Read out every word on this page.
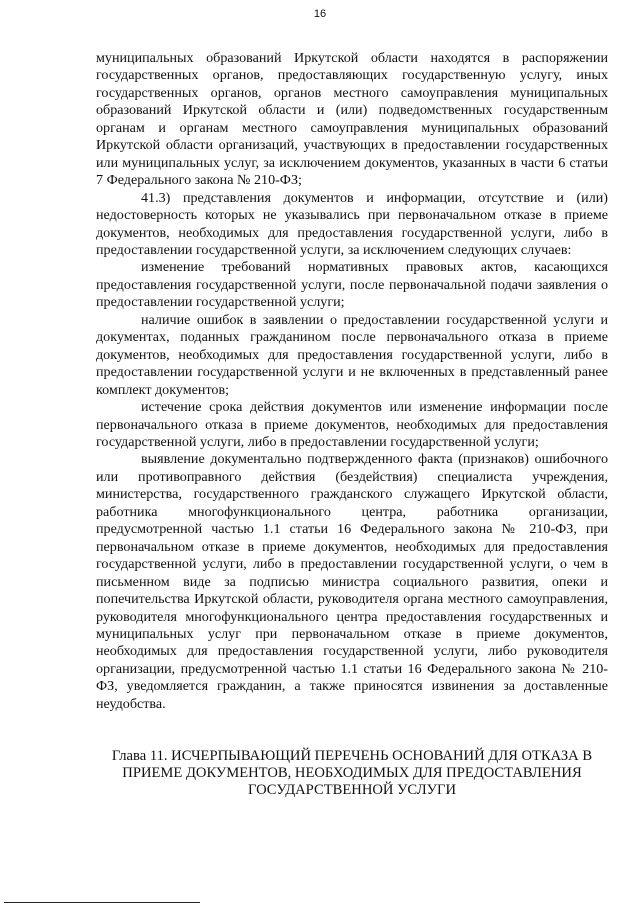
16

муниципальных образований Иркутской области находятся в распоряжении государственных органов, предоставляющих государственную услугу, иных государственных органов, органов местного самоуправления муниципальных образований Иркутской области и (или) подведомственных государственным органам и органам местного самоуправления муниципальных образований Иркутской области организаций, участвующих в предоставлении государственных или муниципальных услуг, за исключением документов, указанных в части 6 статьи 7 Федерального закона № 210-ФЗ;

41.3) представления документов и информации, отсутствие и (или) недостоверность которых не указывались при первоначальном отказе в приеме документов, необходимых для предоставления государственной услуги, либо в предоставлении государственной услуги, за исключением следующих случаев:

изменение требований нормативных правовых актов, касающихся предоставления государственной услуги, после первоначальной подачи заявления о предоставлении государственной услуги;

наличие ошибок в заявлении о предоставлении государственной услуги и документах, поданных гражданином после первоначального отказа в приеме документов, необходимых для предоставления государственной услуги, либо в предоставлении государственной услуги и не включенных в представленный ранее комплект документов;

истечение срока действия документов или изменение информации после первоначального отказа в приеме документов, необходимых для предоставления государственной услуги, либо в предоставлении государственной услуги;

выявление документально подтвержденного факта (признаков) ошибочного или противоправного действия (бездействия) специалиста учреждения, министерства, государственного гражданского служащего Иркутской области, работника многофункционального центра, работника организации, предусмотренной частью 1.1 статьи 16 Федерального закона № 210-ФЗ, при первоначальном отказе в приеме документов, необходимых для предоставления государственной услуги, либо в предоставлении государственной услуги, о чем в письменном виде за подписью министра социального развития, опеки и попечительства Иркутской области, руководителя органа местного самоуправления, руководителя многофункционального центра предоставления государственных и муниципальных услуг при первоначальном отказе в приеме документов, необходимых для предоставления государственной услуги, либо руководителя организации, предусмотренной частью 1.1 статьи 16 Федерального закона № 210-ФЗ, уведомляется гражданин, а также приносятся извинения за доставленные неудобства.

Глава 11. ИСЧЕРПЫВАЮЩИЙ ПЕРЕЧЕНЬ ОСНОВАНИЙ ДЛЯ ОТКАЗА В ПРИЕМЕ ДОКУМЕНТОВ, НЕОБХОДИМЫХ ДЛЯ ПРЕДОСТАВЛЕНИЯ ГОСУДАРСТВЕННОЙ УСЛУГИ
